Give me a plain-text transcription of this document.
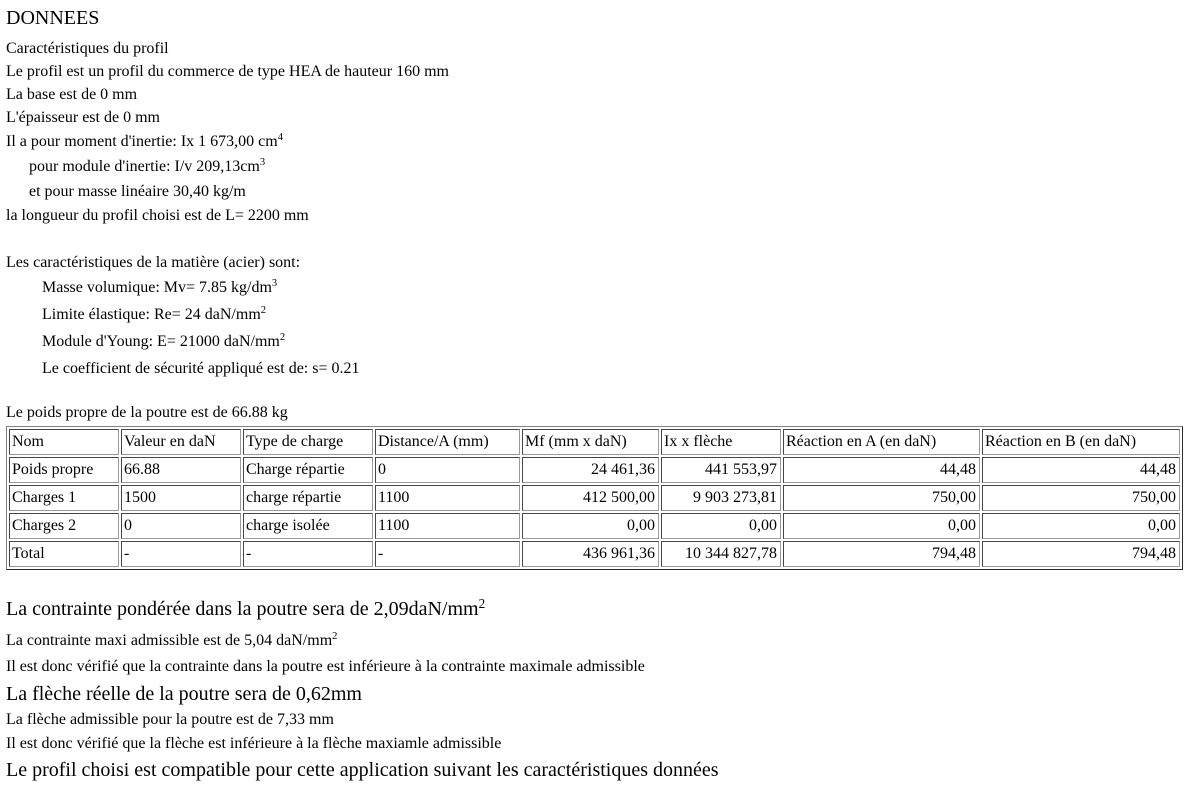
DONNEES
Caractéristiques du profil
Le profil est un profil du commerce de type HEA de hauteur 160 mm
La base est de 0 mm
L'épaisseur est de 0 mm
Il a pour moment d'inertie: Ix 1 673,00 $cm^4$
pour module d'inertie: I/v $209,13cm^3$
et pour masse linéaire 30,40 kg/m
la longueur du profil choisi est de L= 2200 mm
Les caractéristiques de la matière (acier) sont:
Masse volumique: Mv= 7.85 $kg/dm^3$
Limite élastique: Re= 24 daN/$mm^2$
Module d'Young: E= 21000 daN/$mm^2$
Le coefficient de sécurité appliqué est de: s= 0.21
Le poids propre de la poutre est de 66.88 kg
Nom	Valeur en daN	Type de charge	Distance/A (mm)	Mf (mm x daN)	Ix x flèche	Réaction en A (en daN)	Réaction en B (en daN)
Poids propre	66.88	Charge répartie	0	24 461,36	441 553,97	44,48	44,48
Charges 1	1500	charge répartie	1100	412 500,00	9 903 273,81	750,00	750,00
Charges 2	0	charge isolée	1100	0,00	0,00	0,00	0,00
Total	-	-	-	436 961,36	10 344 827,78	794,48	794,48
La contrainte pondérée dans la poutre sera de $2,09daN/mm^2$
La contrainte maxi admissible est de 5,04 daN/$mm^2$
Il est donc vérifié que la contrainte dans la poutre est inférieure à la contrainte maximale admissible
La flèche réelle de la poutre sera de 0,62mm
La flèche admissible pour la poutre est de 7,33 mm
Il est donc vérifié que la flèche est inférieure à la flèche maxiamle admissible
Le profil choisi est compatible pour cette application suivant les caractéristiques données
